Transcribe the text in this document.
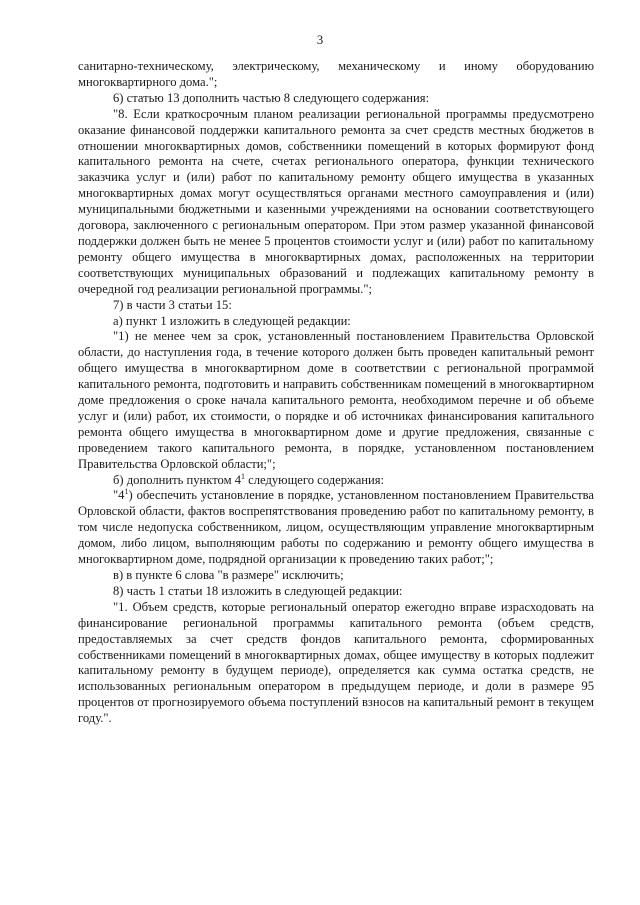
3

санитарно-техническому, электрическому, механическому и иному оборудованию многоквартирного дома.";

6) статью 13 дополнить частью 8 следующего содержания:

"8. Если краткосрочным планом реализации региональной программы предусмотрено оказание финансовой поддержки капитального ремонта за счет средств местных бюджетов в отношении многоквартирных домов, собственники помещений в которых формируют фонд капитального ремонта на счете, счетах регионального оператора, функции технического заказчика услуг и (или) работ по капитальному ремонту общего имущества в указанных многоквартирных домах могут осуществляться органами местного самоуправления и (или) муниципальными бюджетными и казенными учреждениями на основании соответствующего договора, заключенного с региональным оператором. При этом размер указанной финансовой поддержки должен быть не менее 5 процентов стоимости услуг и (или) работ по капитальному ремонту общего имущества в многоквартирных домах, расположенных на территории соответствующих муниципальных образований и подлежащих капитальному ремонту в очередной год реализации региональной программы.";

7) в части 3 статьи 15:

а) пункт 1 изложить в следующей редакции:

"1) не менее чем за срок, установленный постановлением Правительства Орловской области, до наступления года, в течение которого должен быть проведен капитальный ремонт общего имущества в многоквартирном доме в соответствии с региональной программой капитального ремонта, подготовить и направить собственникам помещений в многоквартирном доме предложения о сроке начала капитального ремонта, необходимом перечне и об объеме услуг и (или) работ, их стоимости, о порядке и об источниках финансирования капитального ремонта общего имущества в многоквартирном доме и другие предложения, связанные с проведением такого капитального ремонта, в порядке, установленном постановлением Правительства Орловской области;";

б) дополнить пунктом $4^1$ следующего содержания:

"$4^1$) обеспечить установление в порядке, установленном постановлением Правительства Орловской области, фактов воспрепятствования проведению работ по капитальному ремонту, в том числе недопуска собственником, лицом, осуществляющим управление многоквартирным домом, либо лицом, выполняющим работы по содержанию и ремонту общего имущества в многоквартирном доме, подрядной организации к проведению таких работ;";

в) в пункте 6 слова "в размере" исключить;

8) часть 1 статьи 18 изложить в следующей редакции:

"1. Объем средств, которые региональный оператор ежегодно вправе израсходовать на финансирование региональной программы капитального ремонта (объем средств, предоставляемых за счет средств фондов капитального ремонта, сформированных собственниками помещений в многоквартирных домах, общее имуществу в которых подлежит капитальному ремонту в будущем периоде), определяется как сумма остатка средств, не использованных региональным оператором в предыдущем периоде, и доли в размере 95 процентов от прогнозируемого объема поступлений взносов на капитальный ремонт в текущем году.".
